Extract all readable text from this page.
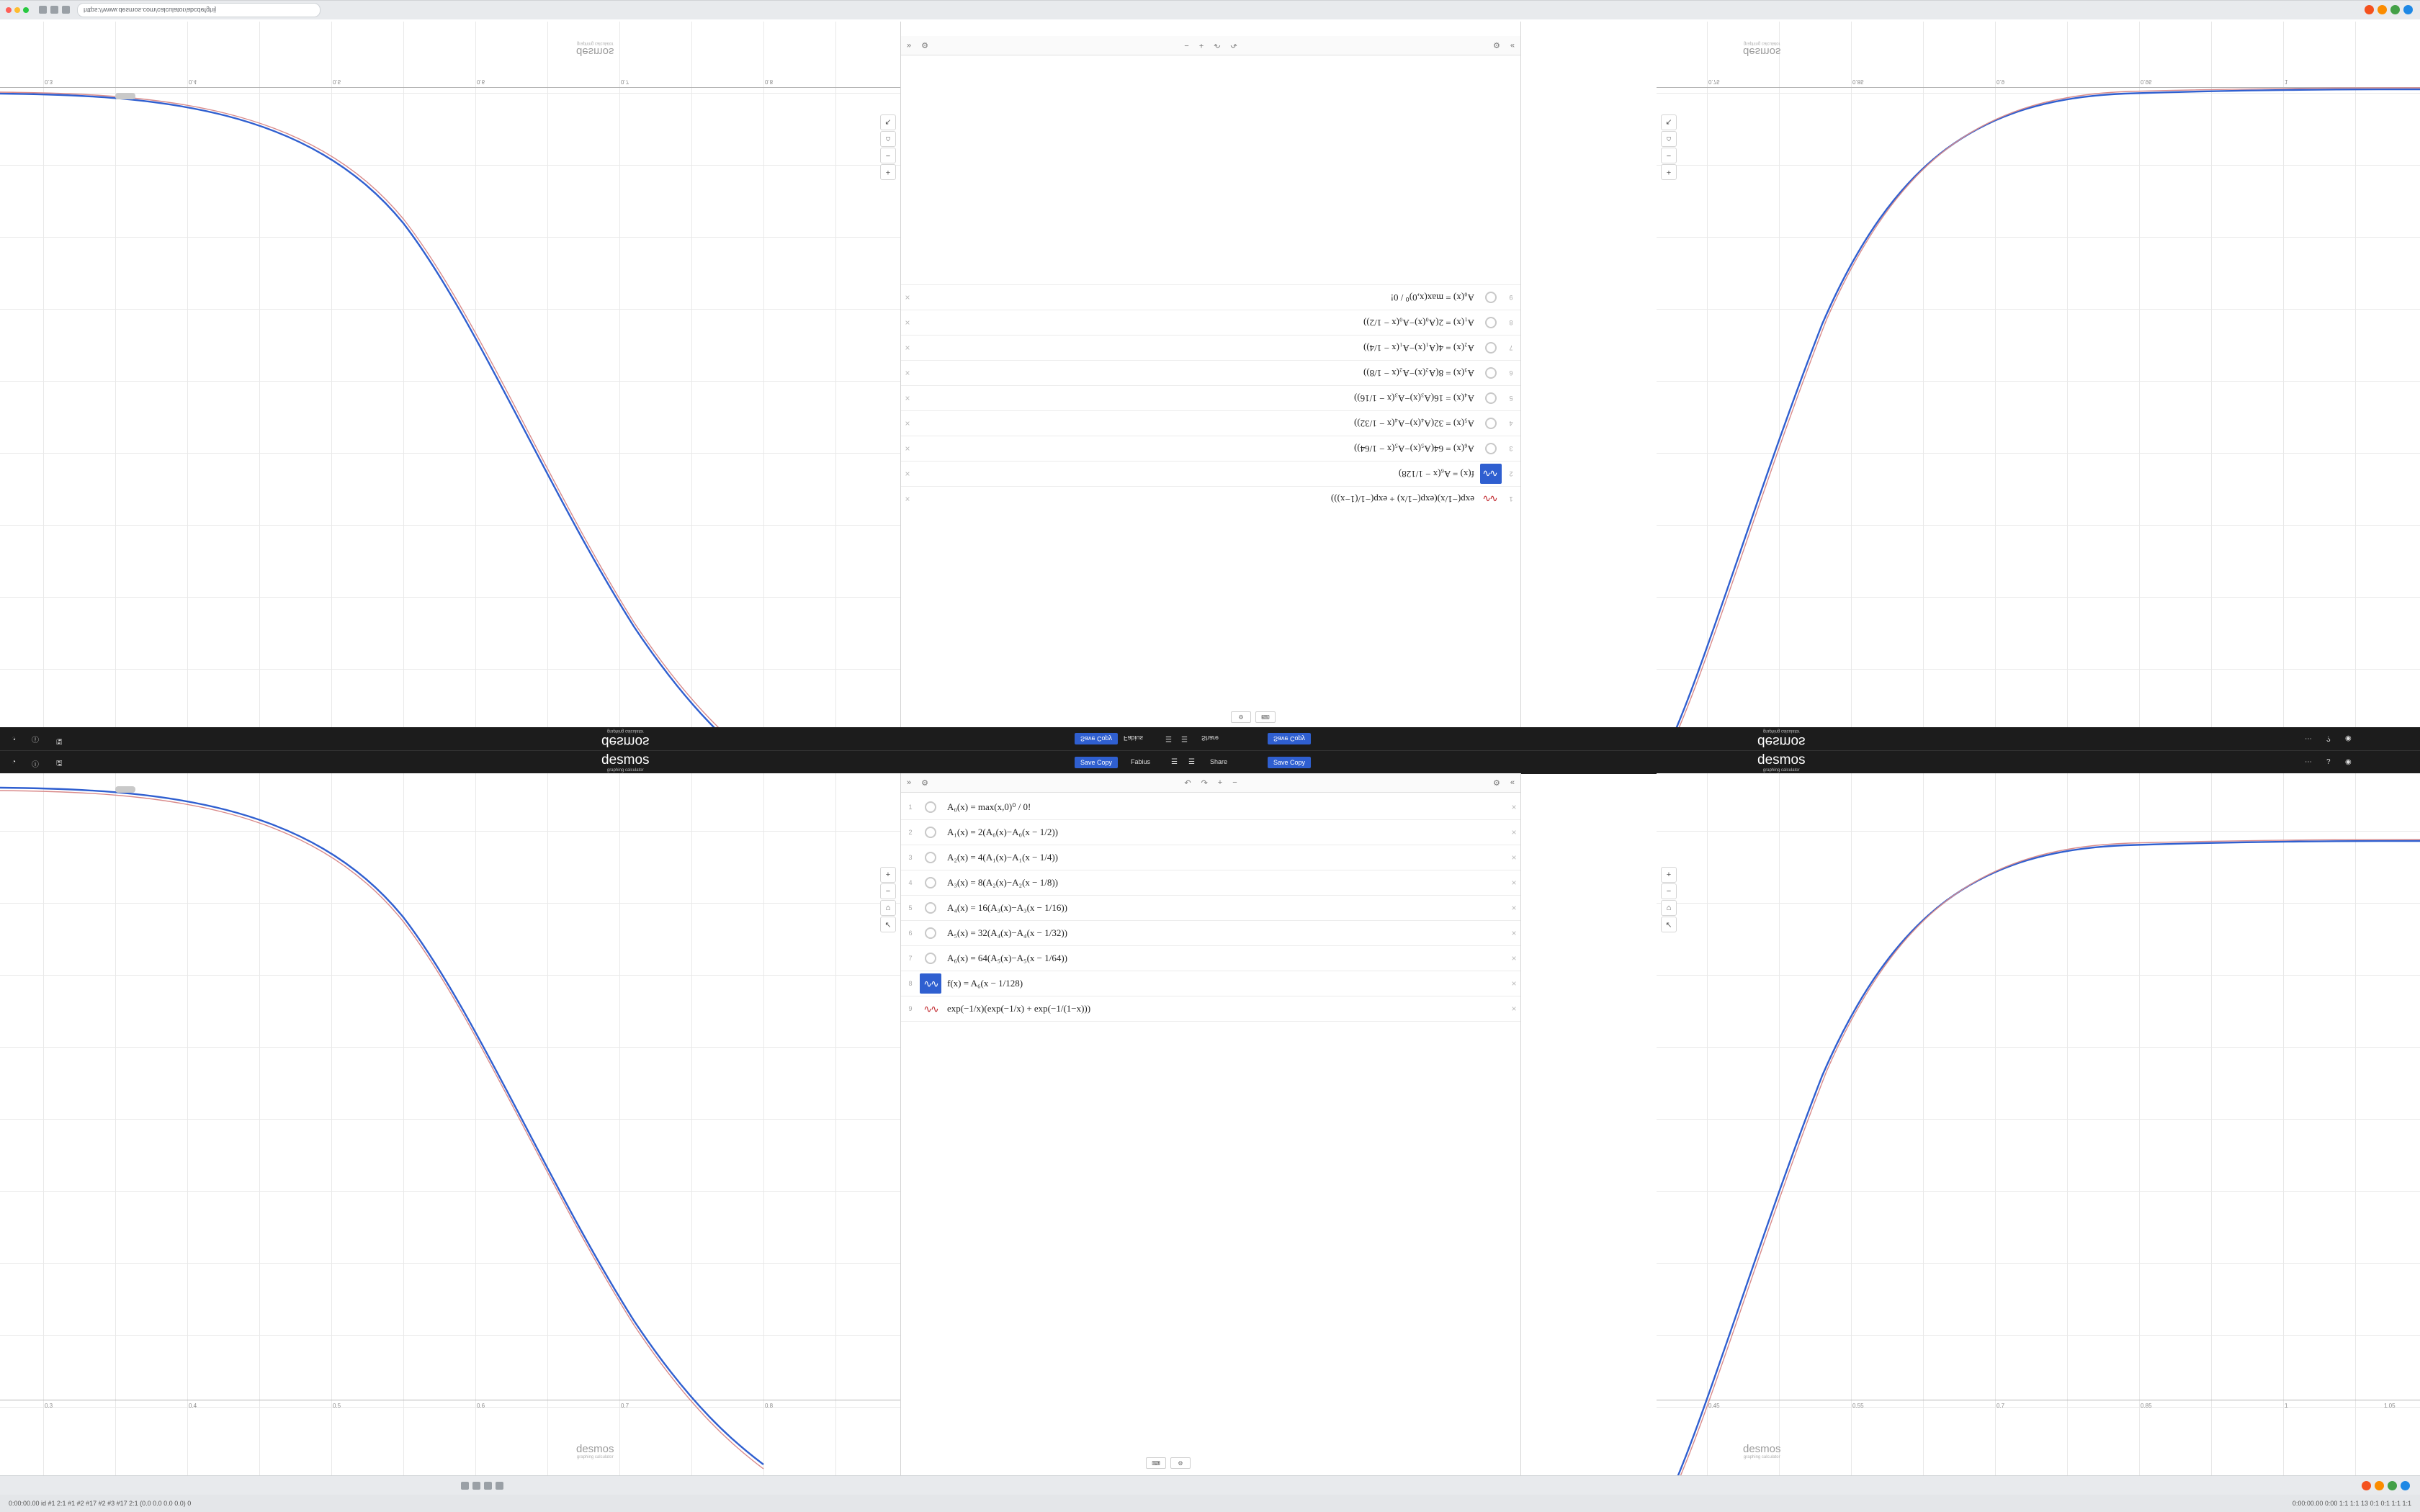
https://www.desmos.com/calculator/abcdefghij
0.3	0.4	0.5	0.6	0.7	0.8
+
−
⌂
↖
desmos
graphing calculator
0.75	0.85	0.9	0.95	1
+
−
⌂
↖
desmos
graphing calculator
⌨
⚙
1
∿∿
exp(−1/x)(exp(−1/x) + exp(−1/(1−x)))
×
2
∿∿
f(x) = A₆(x − 1/128)
×
3
A₆(x) = 64(A₅(x)−A₅(x − 1/64))
×
4
A₅(x) = 32(A₄(x)−A₄(x − 1/32))
×
5
A₄(x) = 16(A₃(x)−A₃(x − 1/16))
×
6
A₃(x) = 8(A₂(x)−A₂(x − 1/8))
×
7
A₂(x) = 4(A₁(x)−A₁(x − 1/4))
×
8
A₁(x) = 2(A₀(x)−A₀(x − 1/2))
×
9
A₀(x) = max(x,0)⁰ / 0!
×
»
⚙
↶
↷
+
−
⚙
«
desmos
graphing calculator
desmos
graphing calculator
Save Copy	Fabius	☰ ☰ Share	Save Copy	⋯ ? ◉
◔ ⓘ 🖫
desmos
graphing calculator
desmos
graphing calculator
Save Copy	Fabius	☰ ☰ Share	Save Copy	⋯ ? ◉
◔ ⓘ 🖫
0.3	0.4	0.5	0.6	0.7	0.8
+
−
⌂
↖
desmos
graphing calculator
0.45	0.55	0.7	0.85	1	1.05
+
−
⌂
↖
desmos
graphing calculator
» ⚙	↶ ↷ + −	⚙ «
1	A₀(x) = max(x,0)⁰ / 0!	×
2	A₁(x) = 2(A₀(x)−A₀(x − 1/2))	×
3	A₂(x) = 4(A₁(x)−A₁(x − 1/4))	×
4	A₃(x) = 8(A₂(x)−A₂(x − 1/8))	×
5	A₄(x) = 16(A₃(x)−A₃(x − 1/16))	×
6	A₅(x) = 32(A₄(x)−A₄(x − 1/32))	×
7	A₆(x) = 64(A₅(x)−A₅(x − 1/64))	×
8	∿∿	f(x) = A₆(x − 1/128)	×
9	∿∿	exp(−1/x)(exp(−1/x) + exp(−1/(1−x)))	×
⌨	⚙
0:00:00.00 id #1 2:1 #1 #2 #17 #2 #3 #17 2:1 (0.0 0.0 0.0 0.0) 0	0:00:00.00 0:00 1:1 1:1 13 0:1 0:1 1:1 1:1
